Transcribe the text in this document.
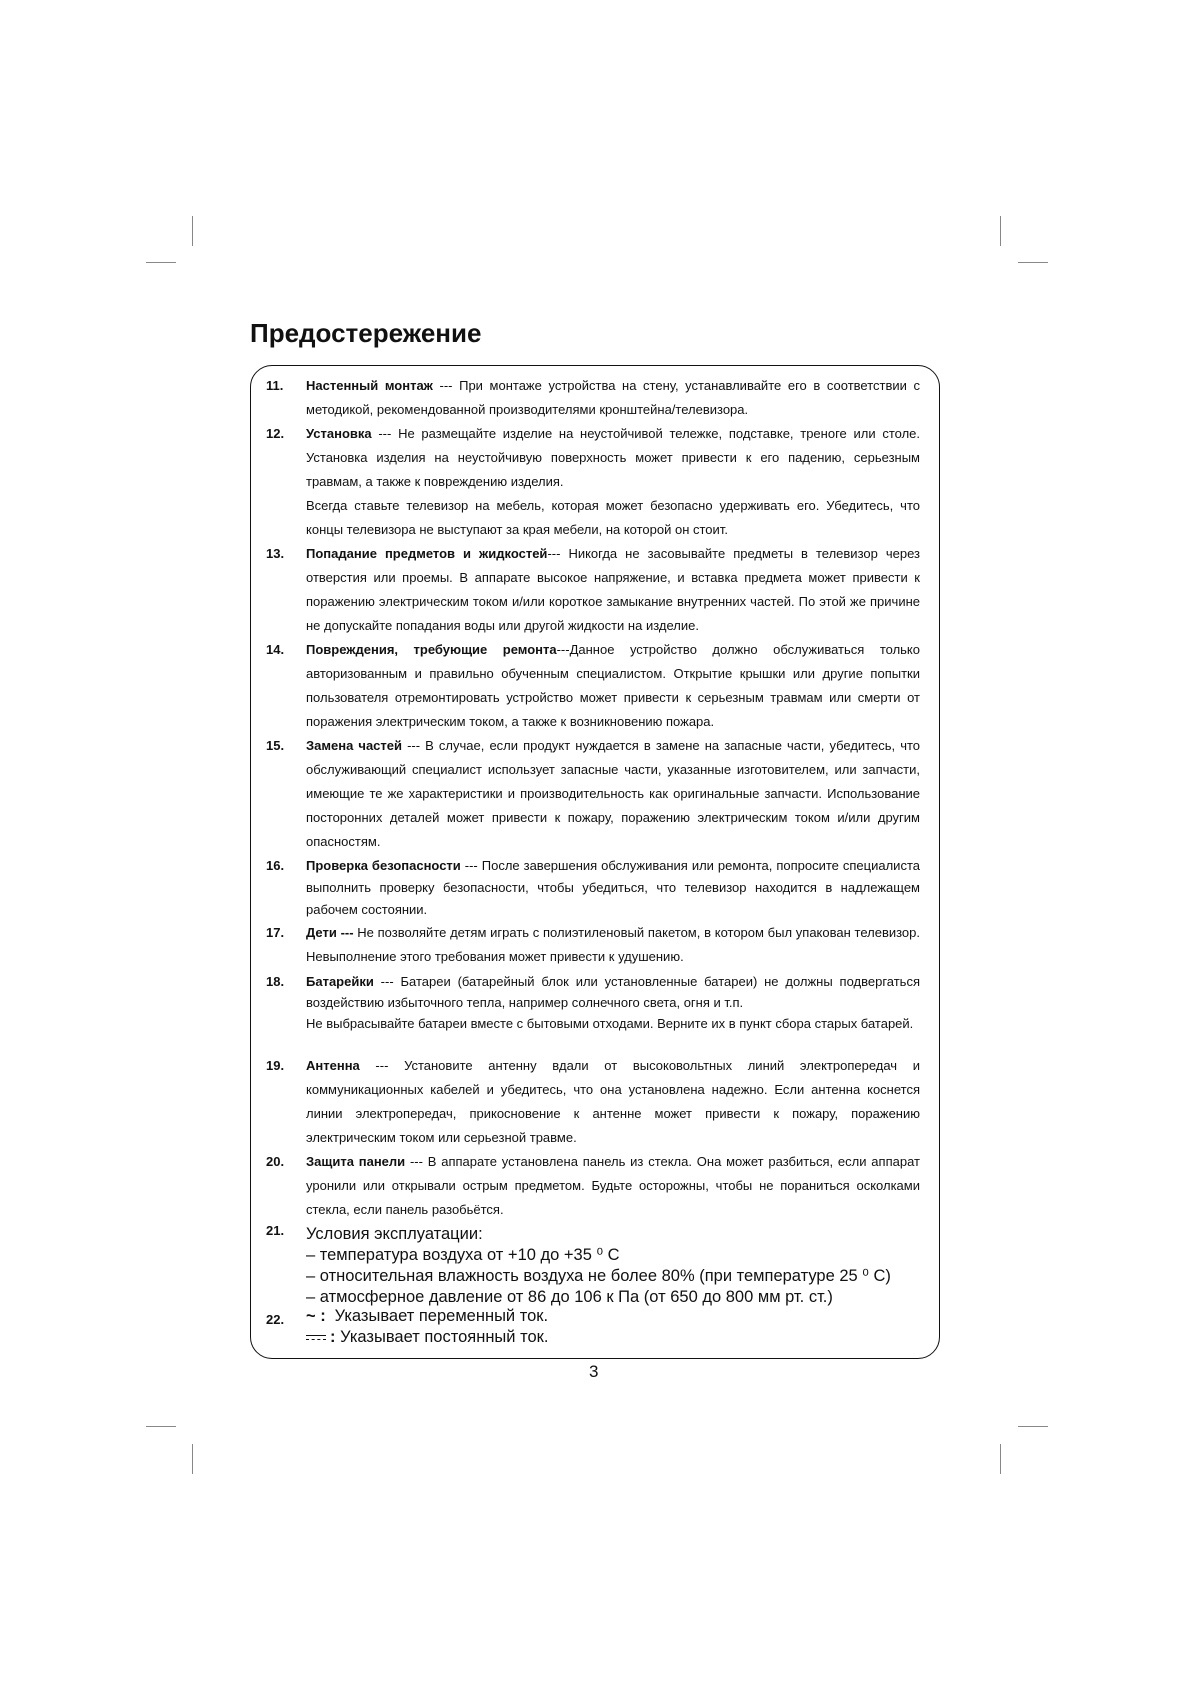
Предостережение
11.	Настенный монтаж --- При монтаже устройства на стену, устанавливайте его в соответствии с методикой, рекомендованной производителями кронштейна/телевизора.
12.	Установка --- Не размещайте изделие на неустойчивой тележке, подставке, треноге или столе. Установка изделия на неустойчивую поверхность может привести к его падению, серьезным травмам, а также к повреждению изделия.

Всегда ставьте телевизор на мебель, которая может безопасно удерживать его. Убедитесь, что концы телевизора не выступают за края мебели, на которой он стоит.

13.	Попадание предметов и жидкостей--- Никогда не засовывайте предметы в телевизор через отверстия или проемы. В аппарате высокое напряжение, и вставка предмета может привести к поражению электрическим током и/или короткое замыкание внутренних частей. По этой же причине не допускайте попадания воды или другой жидкости на изделие.
14.	Повреждения, требующие ремонта---Данное устройство должно обслуживаться только авторизованным и правильно обученным специалистом. Открытие крышки или другие попытки пользователя отремонтировать устройство может привести к серьезным травмам или смерти от поражения электрическим током, а также к возникновению пожара.
15.	Замена частей --- В случае, если продукт нуждается в замене на запасные части, убедитесь, что обслуживающий специалист использует запасные части, указанные изготовителем, или запчасти, имеющие те же характеристики и производительность как оригинальные запчасти. Использование посторонних деталей может привести к пожару, поражению электрическим током и/или другим опасностям.
16.	Проверка безопасности --- После завершения обслуживания или ремонта, попросите специалиста выполнить проверку безопасности, чтобы убедиться, что телевизор находится в надлежащем рабочем состоянии.
17.	Дети --- Не позволяйте детям играть с полиэтиленовый пакетом, в котором был упакован телевизор. Невыполнение этого требования может привести к удушению.
18.	Батарейки --- Батареи (батарейный блок или установленные батареи) не должны подвергаться воздействию избыточного тепла, например солнечного света, огня и т.п.

Не выбрасывайте батареи вместе с бытовыми отходами. Верните их в пункт сбора старых батарей.

19.	Антенна --- Установите антенну вдали от высоковольтных линий электропередач и коммуникационных кабелей и убедитесь, что она установлена надежно. Если антенна коснется линии электропередач, прикосновение к антенне может привести к пожару, поражению электрическим током или серьезной травме.
20.	Защита панели --- В аппарате установлена панель из стекла. Она может разбиться, если аппарат уронили или открывали острым предметом. Будьте осторожны, чтобы не пораниться осколками стекла, если панель разобьётся.
21.	Условия эксплуатации:

– температура воздуха от +10 до +35 ⁰ С

– относительная влажность воздуха не более 80% (при температуре 25 ⁰ С)

– атмосферное давление от 86 до 106 к Па (от 650 до 800 мм рт. ст.)

22.	~ : Указывает переменный ток.

: Указывает постоянный ток.

3
